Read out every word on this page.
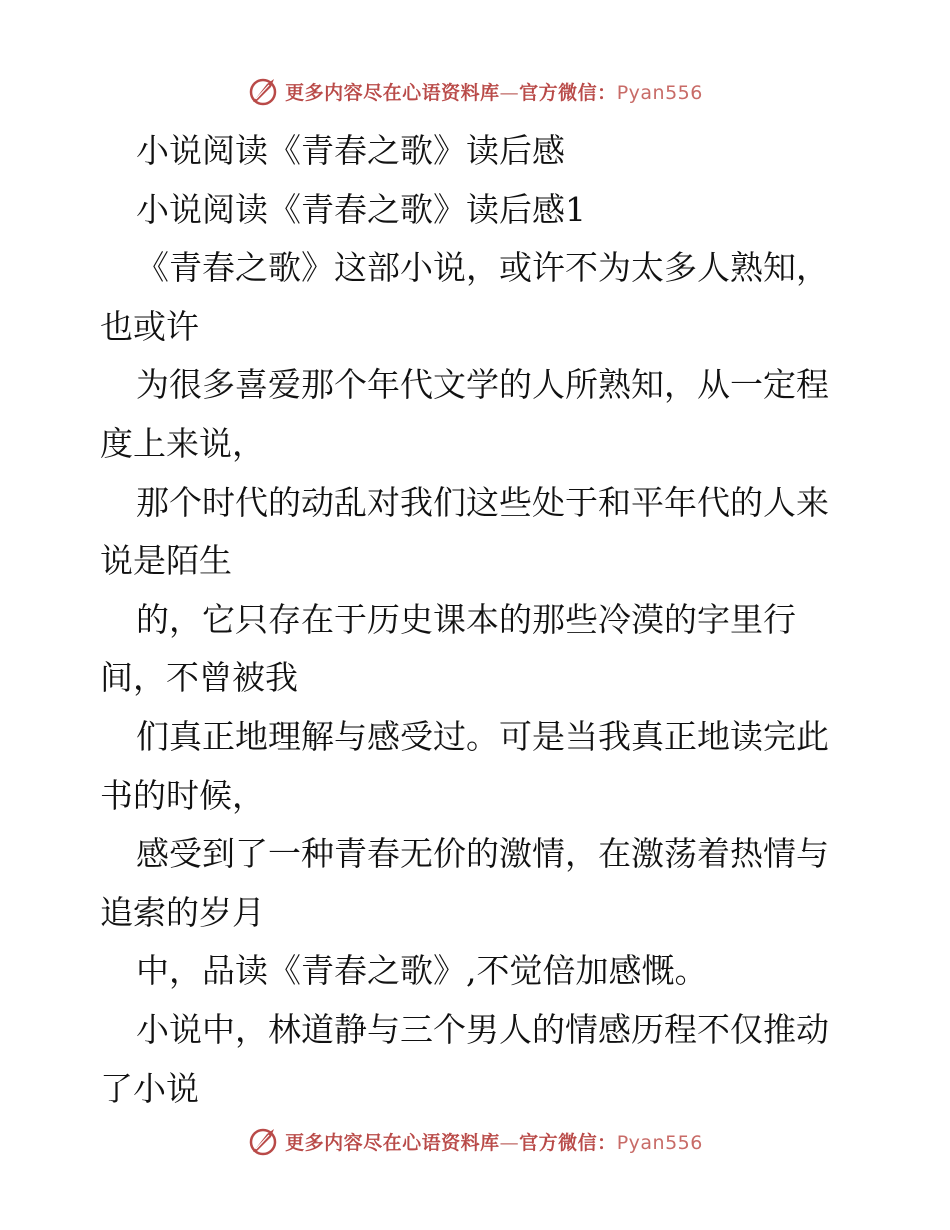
更多内容尽在心语资料库—官方微信：Pyan556
小说阅读《青春之歌》读后感
小说阅读《青春之歌》读后感1
《青春之歌》这部小说，或许不为太多人熟知，
也或许
为很多喜爱那个年代文学的人所熟知，从一定程
度上来说，
那个时代的动乱对我们这些处于和平年代的人来
说是陌生
的，它只存在于历史课本的那些冷漠的字里行
间，不曾被我
们真正地理解与感受过。可是当我真正地读完此
书的时候，
感受到了一种青春无价的激情，在激荡着热情与
追索的岁月
中，品读《青春之歌》,不觉倍加感慨。
小说中，林道静与三个男人的情感历程不仅推动
了小说
更多内容尽在心语资料库—官方微信：Pyan556
